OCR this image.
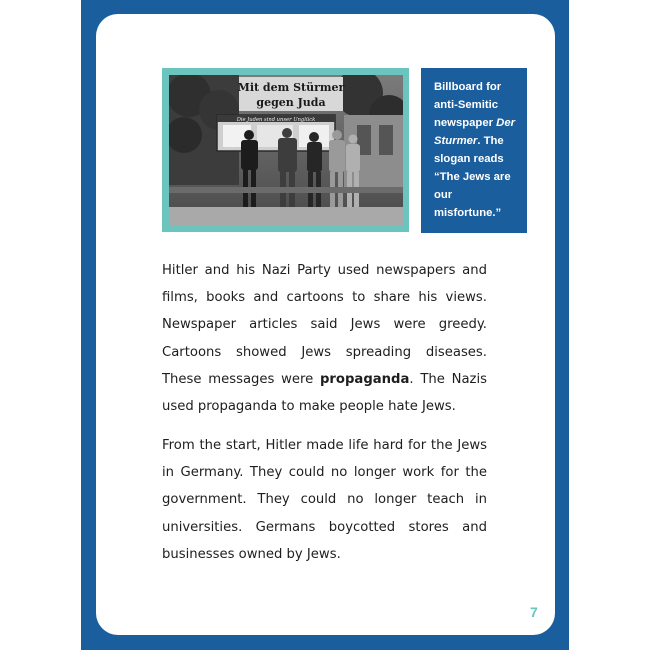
Mit dem Stürmer
gegen Juda
Die Juden sind unser Unglück
Billboard for anti-Semitic newspaper Der Sturmer. The slogan reads “The Jews are our misfortune.”

Hitler and his Nazi Party used newspapers and films, books and cartoons to share his views. Newspaper articles said Jews were greedy. Cartoons showed Jews spreading diseases. These messages were propaganda. The Nazis used propaganda to make people hate Jews.

From the start, Hitler made life hard for the Jews in Germany. They could no longer work for the government. They could no longer teach in universities. Germans boycotted stores and businesses owned by Jews.

7
